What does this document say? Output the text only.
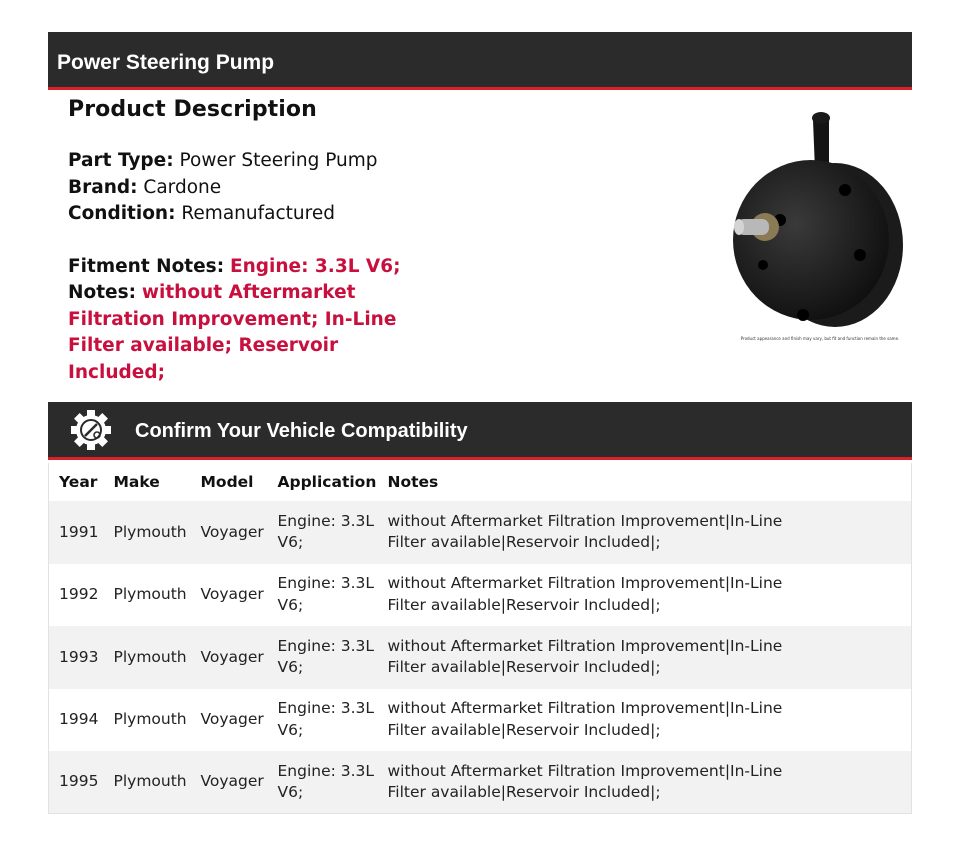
Power Steering Pump
Product Description
Part Type: Power Steering Pump
Brand: Cardone
Condition: Remanufactured
Fitment Notes: Engine: 3.3L V6;
Notes: without Aftermarket Filtration Improvement; In-Line Filter available; Reservoir Included;
Product appearance and finish may vary, but fit and function remain the same.
Confirm Your Vehicle Compatibility
Year	Make	Model	Application	Notes
1991	Plymouth	Voyager	Engine: 3.3L V6;	without Aftermarket Filtration Improvement|In-Line Filter available|Reservoir Included|;
1992	Plymouth	Voyager	Engine: 3.3L V6;	without Aftermarket Filtration Improvement|In-Line Filter available|Reservoir Included|;
1993	Plymouth	Voyager	Engine: 3.3L V6;	without Aftermarket Filtration Improvement|In-Line Filter available|Reservoir Included|;
1994	Plymouth	Voyager	Engine: 3.3L V6;	without Aftermarket Filtration Improvement|In-Line Filter available|Reservoir Included|;
1995	Plymouth	Voyager	Engine: 3.3L V6;	without Aftermarket Filtration Improvement|In-Line Filter available|Reservoir Included|;
